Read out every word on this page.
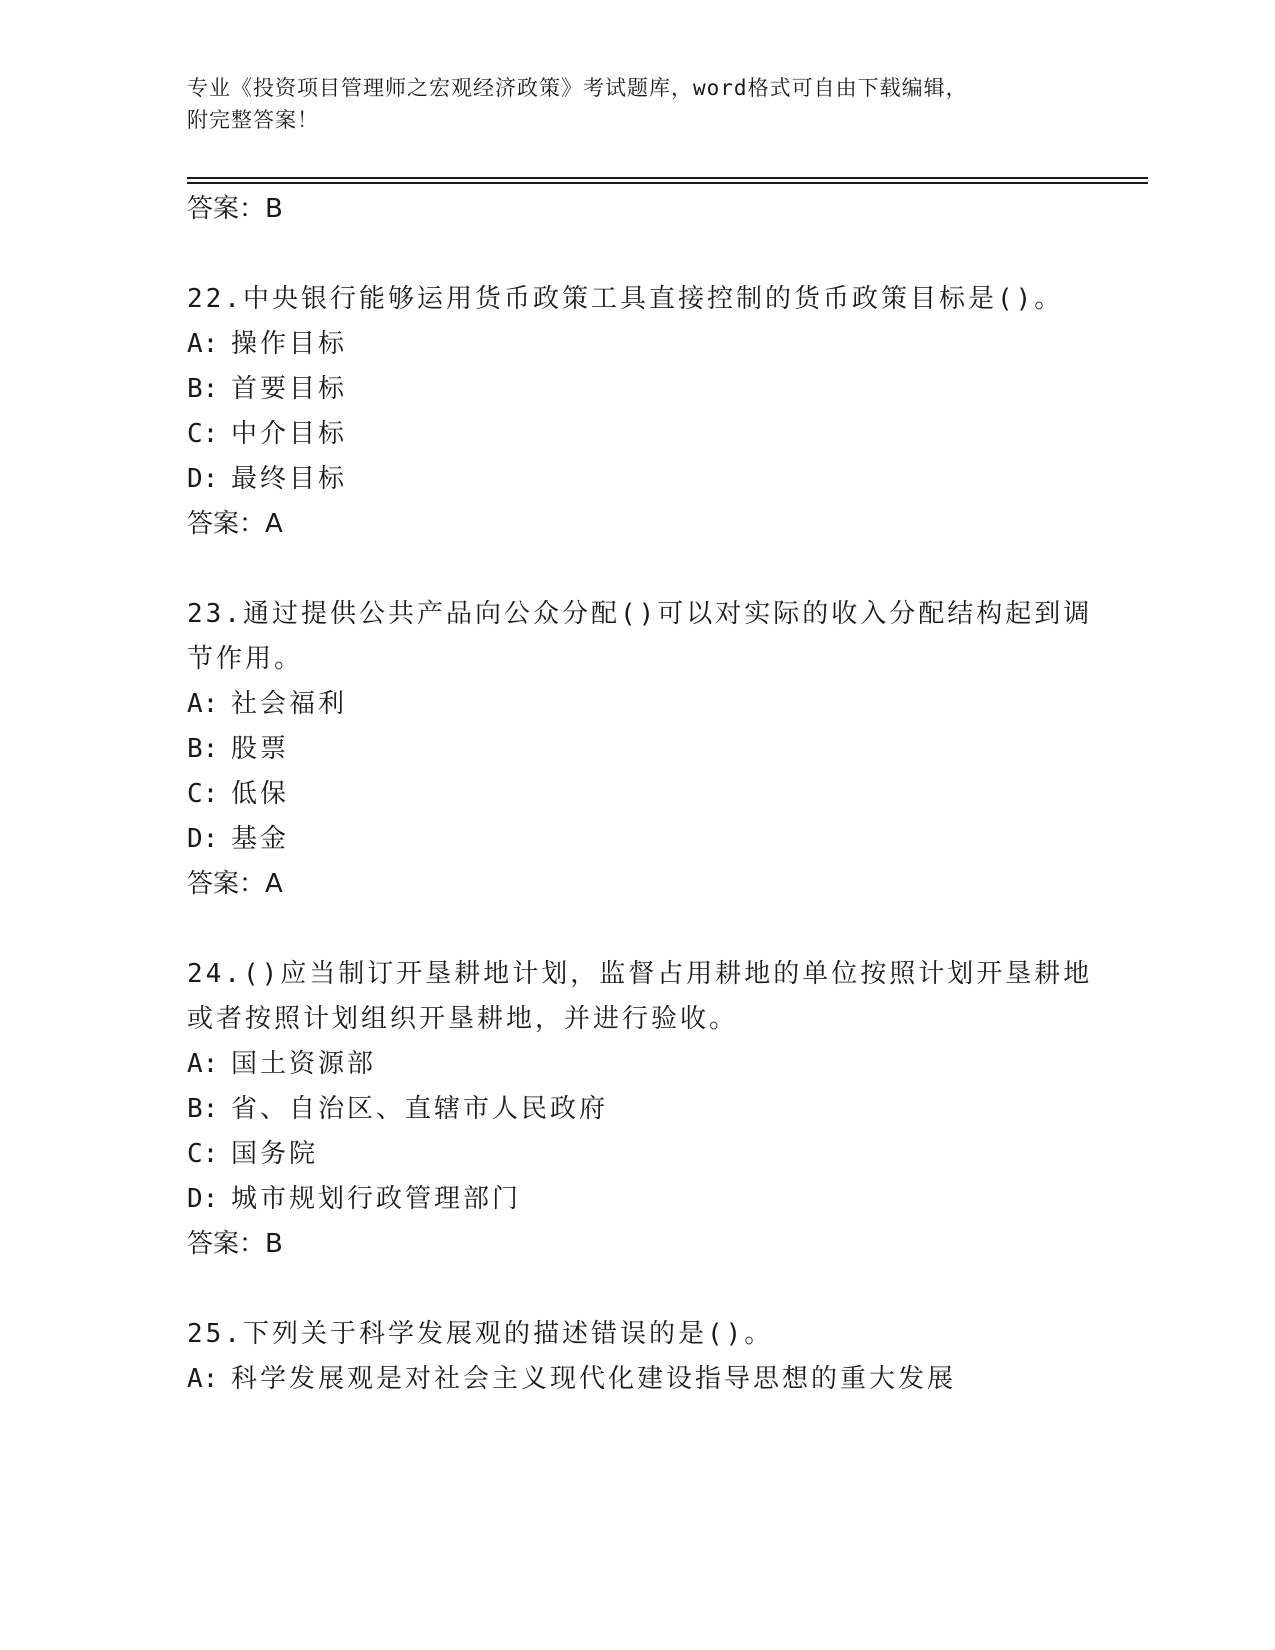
专业《投资项目管理师之宏观经济政策》考试题库，word格式可自由下载编辑，
附完整答案！
答案：B
22.中央银行能够运用货币政策工具直接控制的货币政策目标是()。
A: 操作目标
B: 首要目标
C: 中介目标
D: 最终目标
答案：A
23.通过提供公共产品向公众分配()可以对实际的收入分配结构起到调
节作用。
A: 社会福利
B: 股票
C: 低保
D: 基金
答案：A
24.()应当制订开垦耕地计划，监督占用耕地的单位按照计划开垦耕地
或者按照计划组织开垦耕地，并进行验收。
A: 国土资源部
B: 省、自治区、直辖市人民政府
C: 国务院
D: 城市规划行政管理部门
答案：B
25.下列关于科学发展观的描述错误的是()。
A: 科学发展观是对社会主义现代化建设指导思想的重大发展
